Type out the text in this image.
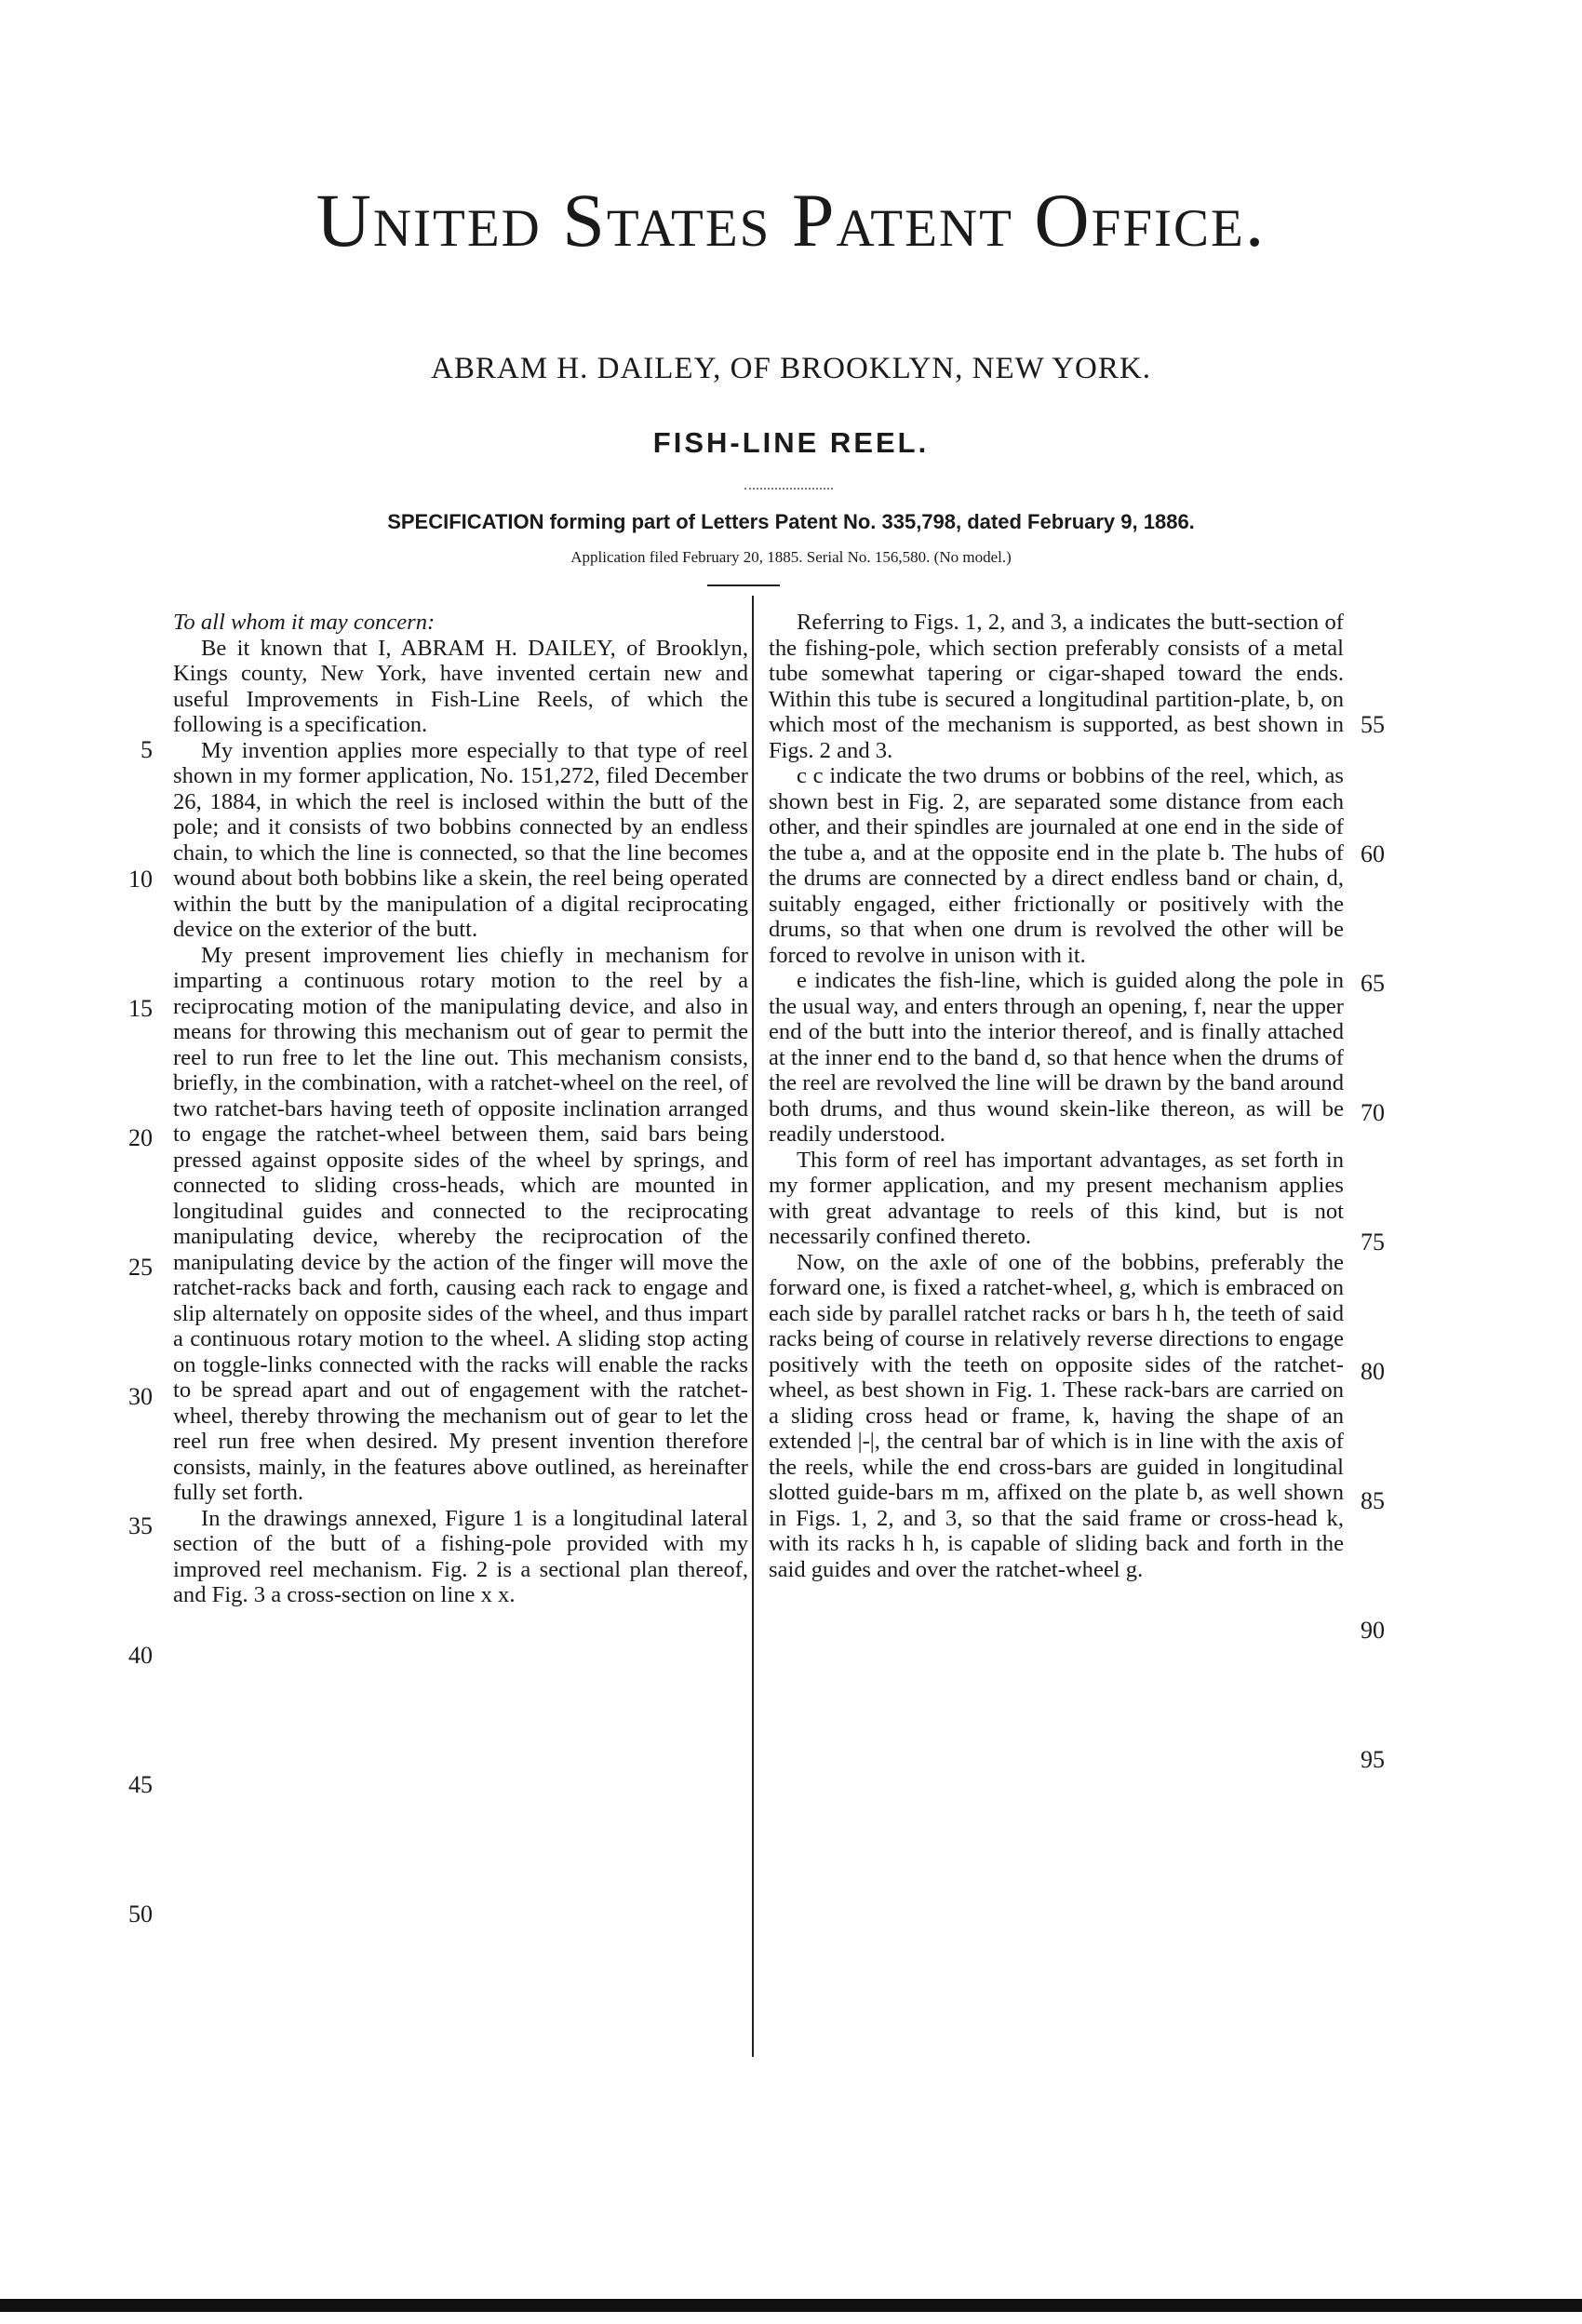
United States Patent Office.
ABRAM H. DAILEY, OF BROOKLYN, NEW YORK.
FISH-LINE REEL.
SPECIFICATION forming part of Letters Patent No. 335,798, dated February 9, 1886.
Application filed February 20, 1885. Serial No. 156,580. (No model.)

To all whom it may concern:

Be it known that I, ABRAM H. DAILEY, of Brooklyn, Kings county, New York, have invented certain new and useful Improvements in Fish-Line Reels, of which the following is a specification.

My invention applies more especially to that type of reel shown in my former application, No. 151,272, filed December 26, 1884, in which the reel is inclosed within the butt of the pole; and it consists of two bobbins connected by an endless chain, to which the line is connected, so that the line becomes wound about both bobbins like a skein, the reel being operated within the butt by the manipulation of a digital reciprocating device on the exterior of the butt.

My present improvement lies chiefly in mechanism for imparting a continuous rotary motion to the reel by a reciprocating motion of the manipulating device, and also in means for throwing this mechanism out of gear to permit the reel to run free to let the line out. This mechanism consists, briefly, in the combination, with a ratchet-wheel on the reel, of two ratchet-bars having teeth of opposite inclination arranged to engage the ratchet-wheel between them, said bars being pressed against opposite sides of the wheel by springs, and connected to sliding cross-heads, which are mounted in longitudinal guides and connected to the reciprocating manipulating device, whereby the reciprocation of the manipulating device by the action of the finger will move the ratchet-racks back and forth, causing each rack to engage and slip alternately on opposite sides of the wheel, and thus impart a continuous rotary motion to the wheel. A sliding stop acting on toggle-links connected with the racks will enable the racks to be spread apart and out of engagement with the ratchet-wheel, thereby throwing the mechanism out of gear to let the reel run free when desired. My present invention therefore consists, mainly, in the features above outlined, as hereinafter fully set forth.

In the drawings annexed, Figure 1 is a longitudinal lateral section of the butt of a fishing-pole provided with my improved reel mechanism. Fig. 2 is a sectional plan thereof, and Fig. 3 a cross-section on line x x.

Referring to Figs. 1, 2, and 3, a indicates the butt-section of the fishing-pole, which section preferably consists of a metal tube somewhat tapering or cigar-shaped toward the ends. Within this tube is secured a longitudinal partition-plate, b, on which most of the mechanism is supported, as best shown in Figs. 2 and 3.

c c indicate the two drums or bobbins of the reel, which, as shown best in Fig. 2, are separated some distance from each other, and their spindles are journaled at one end in the side of the tube a, and at the opposite end in the plate b. The hubs of the drums are connected by a direct endless band or chain, d, suitably engaged, either frictionally or positively with the drums, so that when one drum is revolved the other will be forced to revolve in unison with it.

e indicates the fish-line, which is guided along the pole in the usual way, and enters through an opening, f, near the upper end of the butt into the interior thereof, and is finally attached at the inner end to the band d, so that hence when the drums of the reel are revolved the line will be drawn by the band around both drums, and thus wound skein-like thereon, as will be readily understood.

This form of reel has important advantages, as set forth in my former application, and my present mechanism applies with great advantage to reels of this kind, but is not necessarily confined thereto.

Now, on the axle of one of the bobbins, preferably the forward one, is fixed a ratchet-wheel, g, which is embraced on each side by parallel ratchet racks or bars h h, the teeth of said racks being of course in relatively reverse directions to engage positively with the teeth on opposite sides of the ratchet-wheel, as best shown in Fig. 1. These rack-bars are carried on a sliding cross head or frame, k, having the shape of an extended |-|, the central bar of which is in line with the axis of the reels, while the end cross-bars are guided in longitudinal slotted guide-bars m m, affixed on the plate b, as well shown in Figs. 1, 2, and 3, so that the said frame or cross-head k, with its racks h h, is capable of sliding back and forth in the said guides and over the ratchet-wheel g.

5
10
15
20
25
30
35
40
45
50
55
60
65
70
75
80
85
90
95
